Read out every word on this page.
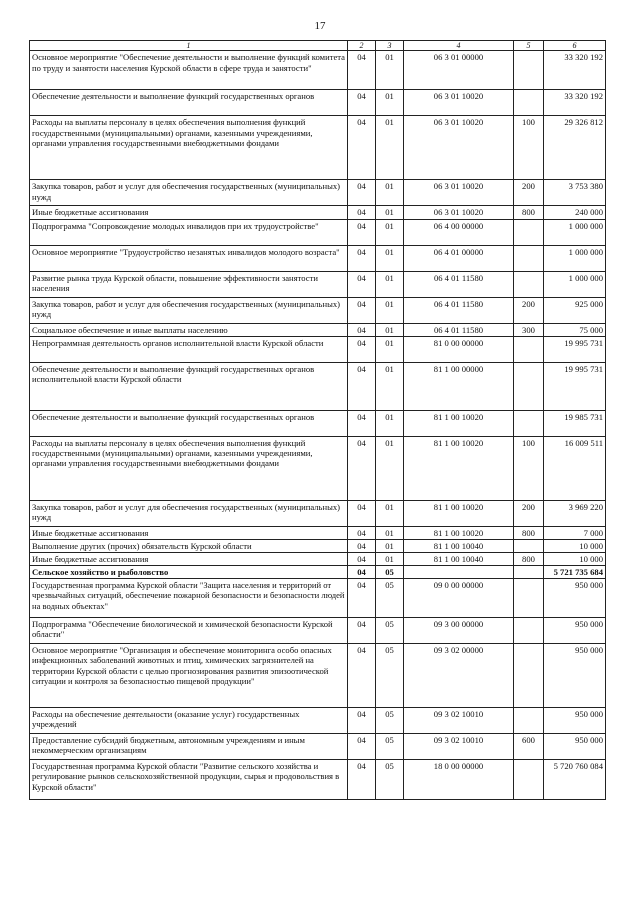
17
1	2	3	4	5	6
Основное мероприятие "Обеспечение деятельности и выполнение функций комитета по труду и занятости населения Курской области в сфере труда и занятости"	04	01	06 3 01 00000		33 320 192
Обеспечение деятельности и выполнение функций государственных органов	04	01	06 3 01 10020		33 320 192
Расходы на выплаты персоналу в целях обеспечения выполнения функций государственными (муниципальными) органами, казенными учреждениями, органами управления государственными внебюджетными фондами	04	01	06 3 01 10020	100	29 326 812
Закупка товаров, работ и услуг для обеспечения государственных (муниципальных) нужд	04	01	06 3 01 10020	200	3 753 380
Иные бюджетные ассигнования	04	01	06 3 01 10020	800	240 000
Подпрограмма "Сопровождение молодых инвалидов при их трудоустройстве"	04	01	06 4 00 00000		1 000 000
Основное мероприятие "Трудоустройство незанятых инвалидов молодого возраста"	04	01	06 4 01 00000		1 000 000
Развитие рынка труда Курской области, повышение эффективности занятости населения	04	01	06 4 01 11580		1 000 000
Закупка товаров, работ и услуг для обеспечения государственных (муниципальных) нужд	04	01	06 4 01 11580	200	925 000
Социальное обеспечение и иные выплаты населению	04	01	06 4 01 11580	300	75 000
Непрограммная деятельность органов исполнительной власти Курской области	04	01	81 0 00 00000		19 995 731
Обеспечение деятельности и выполнение функций государственных органов исполнительной власти Курской области	04	01	81 1 00 00000		19 995 731
Обеспечение деятельности и выполнение функций государственных органов	04	01	81 1 00 10020		19 985 731
Расходы на выплаты персоналу в целях обеспечения выполнения функций государственными (муниципальными) органами, казенными учреждениями, органами управления государственными внебюджетными фондами	04	01	81 1 00 10020	100	16 009 511
Закупка товаров, работ и услуг для обеспечения государственных (муниципальных) нужд	04	01	81 1 00 10020	200	3 969 220
Иные бюджетные ассигнования	04	01	81 1 00 10020	800	7 000
Выполнение других (прочих) обязательств Курской области	04	01	81 1 00 10040		10 000
Иные бюджетные ассигнования	04	01	81 1 00 10040	800	10 000
Сельское хозяйство и рыболовство	04	05			5 721 735 684
Государственная программа Курской области "Защита населения и территорий от чрезвычайных ситуаций, обеспечение пожарной безопасности и безопасности людей на водных объектах"	04	05	09 0 00 00000		950 000
Подпрограмма "Обеспечение биологической и химической безопасности Курской области"	04	05	09 3 00 00000		950 000
Основное мероприятие "Организация и обеспечение мониторинга особо опасных инфекционных заболеваний животных и птиц, химических загрязнителей на территории Курской области с целью прогнозирования развития эпизоотической ситуации и контроля за безопасностью пищевой продукции"	04	05	09 3 02 00000		950 000
Расходы на обеспечение деятельности (оказание услуг) государственных учреждений	04	05	09 3 02 10010		950 000
Предоставление субсидий бюджетным, автономным учреждениям и иным некоммерческим организациям	04	05	09 3 02 10010	600	950 000
Государственная программа Курской области "Развитие сельского хозяйства и регулирование рынков сельскохозяйственной продукции, сырья и продовольствия в Курской области"	04	05	18 0 00 00000		5 720 760 084
